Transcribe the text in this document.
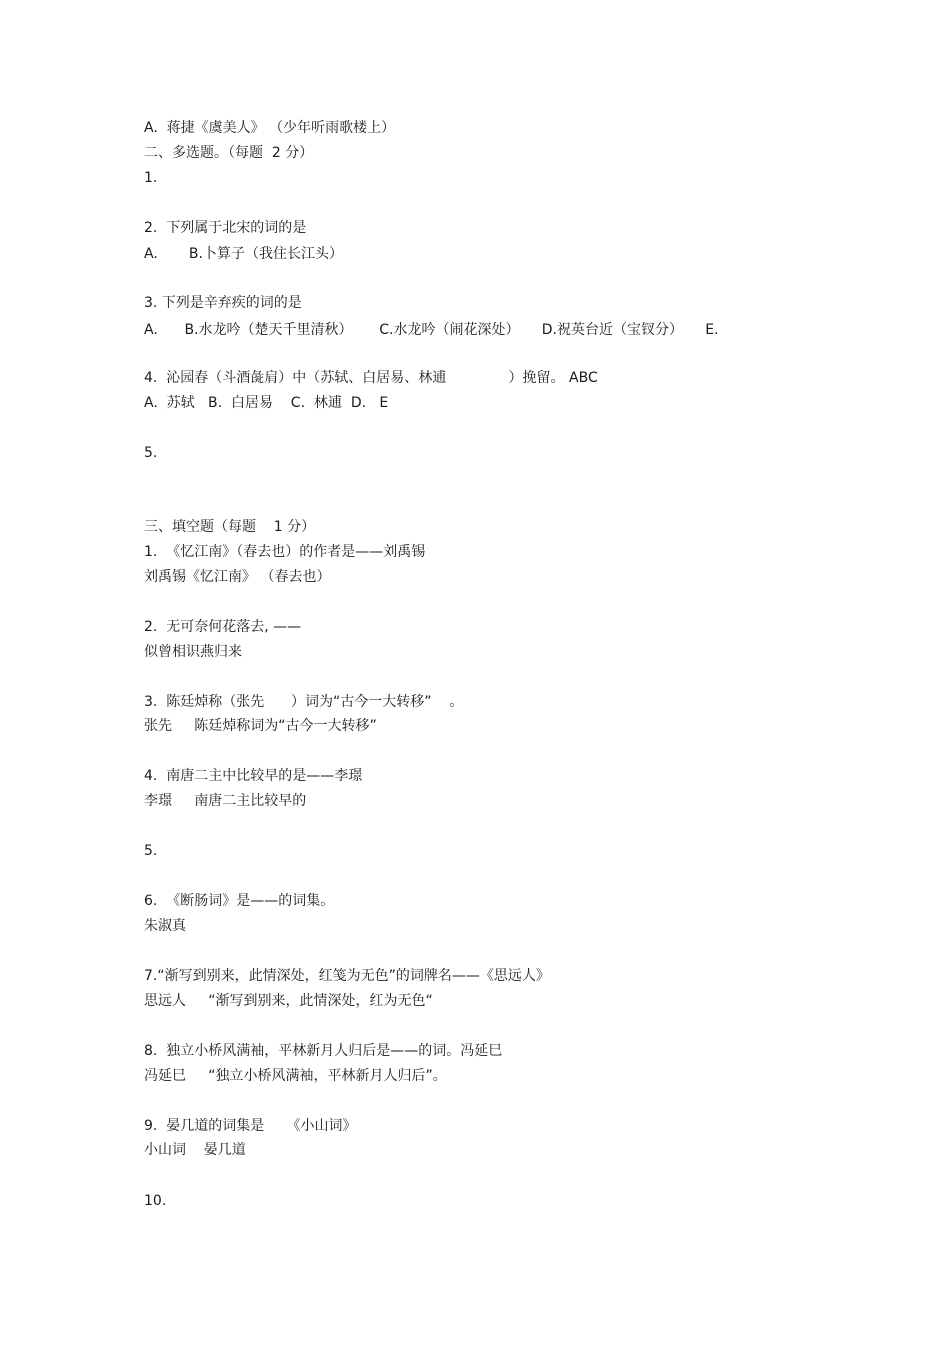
A.  蒋捷《虞美人》 （少年听雨歌楼上）
二、多选题。（每题  2 分）
1.
2.  下列属于北宋的词的是
A.       B.卜算子（我住长江头）
3. 下列是辛弃疾的词的是
A.      B.水龙吟（楚天千里清秋）      C.水龙吟（闹花深处）     D.祝英台近（宝钗分）     E.
4.  沁园春（斗酒彘肩）中（苏轼、白居易、林逋              ）挽留。 ABC
A.  苏轼   B.  白居易    C.  林逋  D.   E
5.
三、填空题（每题    1 分）
1.  《忆江南》（春去也）的作者是——刘禹锡
刘禹锡《忆江南》 （春去也）
2.  无可奈何花落去, ——
似曾相识燕归来
3.  陈廷焯称（张先      ）词为“古今一大转移”    。
张先     陈廷焯称词为“古今一大转移”
4.  南唐二主中比较早的是——李璟
李璟     南唐二主比较早的
5.
6.  《断肠词》是——的词集。
朱淑真
7.“渐写到别来，此情深处，红笺为无色”的词牌名——《思远人》
思远人     “渐写到别来，此情深处，红为无色“
8.  独立小桥风满袖，平林新月人归后是——的词。冯延巳
冯延巳     “独立小桥风满袖，平林新月人归后”。
9.  晏几道的词集是     《小山词》
小山词    晏几道
10.
